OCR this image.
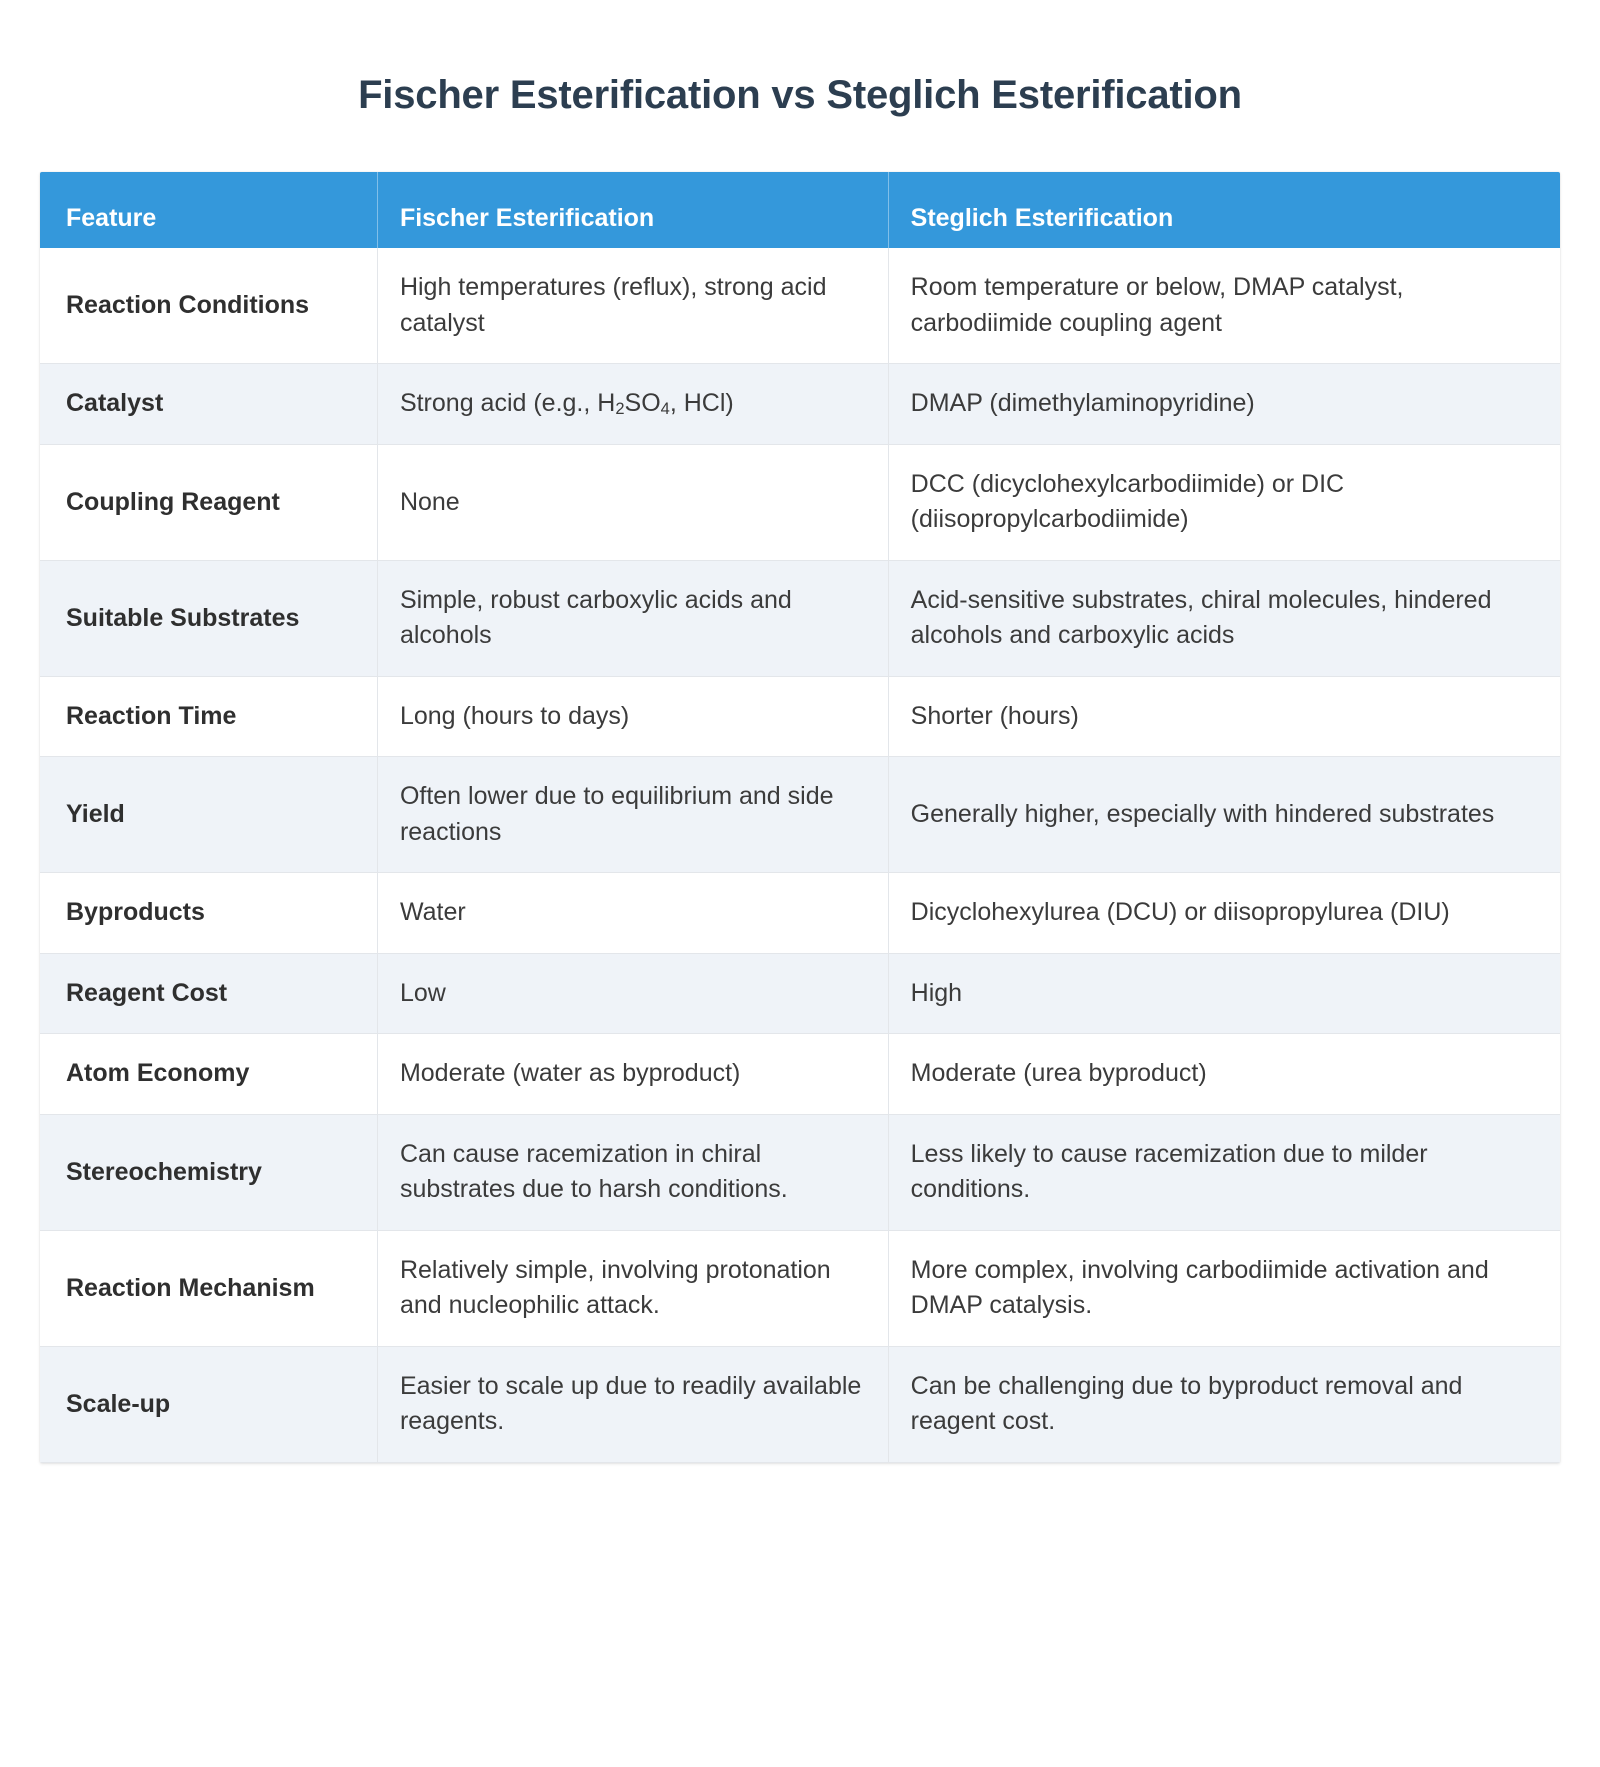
Fischer Esterification vs Steglich Esterification
Feature	Fischer Esterification	Steglich Esterification
Reaction Conditions	High temperatures (reflux), strong acid catalyst	Room temperature or below, DMAP catalyst, carbodiimide coupling agent
Catalyst	Strong acid (e.g., $H_2SO_4$, HCl)	DMAP (dimethylaminopyridine)
Coupling Reagent	None	DCC (dicyclohexylcarbodiimide) or DIC (diisopropylcarbodiimide)
Suitable Substrates	Simple, robust carboxylic acids and alcohols	Acid-sensitive substrates, chiral molecules, hindered alcohols and carboxylic acids
Reaction Time	Long (hours to days)	Shorter (hours)
Yield	Often lower due to equilibrium and side reactions	Generally higher, especially with hindered substrates
Byproducts	Water	Dicyclohexylurea (DCU) or diisopropylurea (DIU)
Reagent Cost	Low	High
Atom Economy	Moderate (water as byproduct)	Moderate (urea byproduct)
Stereochemistry	Can cause racemization in chiral substrates due to harsh conditions.	Less likely to cause racemization due to milder conditions.
Reaction Mechanism	Relatively simple, involving protonation and nucleophilic attack.	More complex, involving carbodiimide activation and DMAP catalysis.
Scale-up	Easier to scale up due to readily available reagents.	Can be challenging due to byproduct removal and reagent cost.
